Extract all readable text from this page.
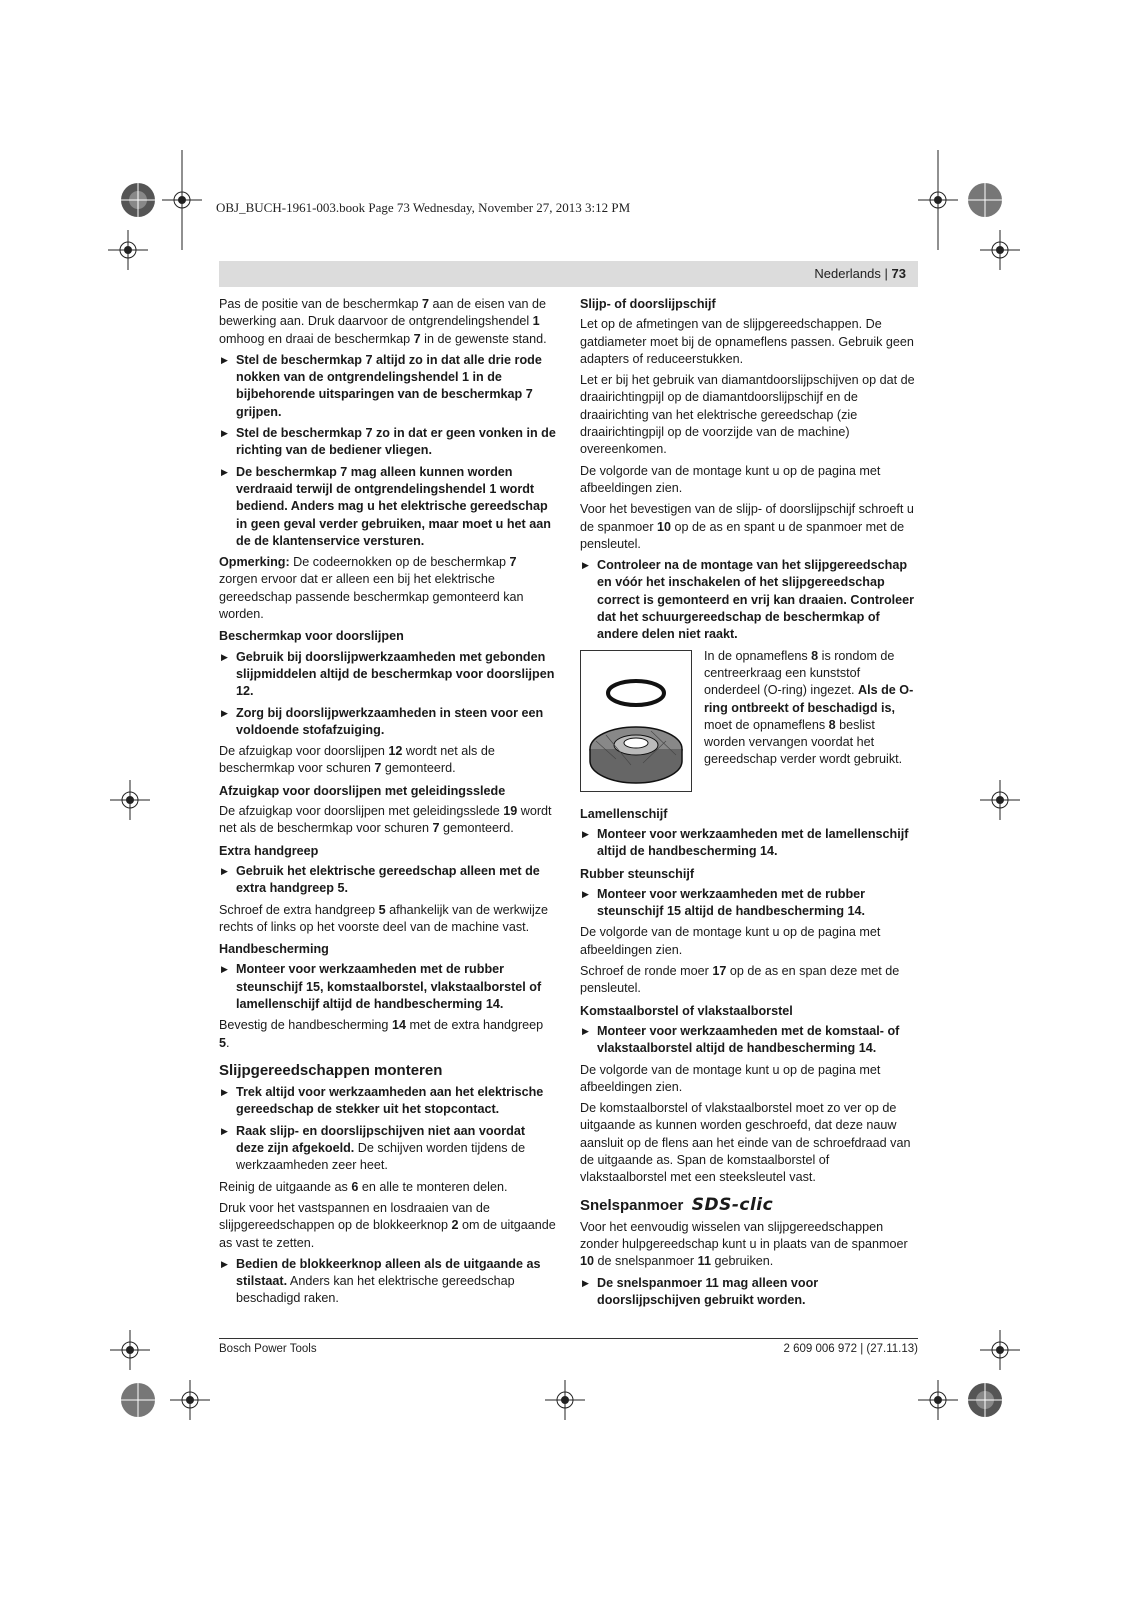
OBJ_BUCH-1961-003.book Page 73 Wednesday, November 27, 2013 3:12 PM
Nederlands | 73

Pas de positie van de beschermkap 7 aan de eisen van de bewerking aan. Druk daarvoor de ontgrendelingshendel 1 omhoog en draai de beschermkap 7 in de gewenste stand.

▶ Stel de beschermkap 7 altijd zo in dat alle drie rode nokken van de ontgrendelingshendel 1 in de bijbehorende uitsparingen van de beschermkap 7 grijpen.
▶ Stel de beschermkap 7 zo in dat er geen vonken in de richting van de bediener vliegen.
▶ De beschermkap 7 mag alleen kunnen worden verdraaid terwijl de ontgrendelingshendel 1 wordt bediend. Anders mag u het elektrische gereedschap in geen geval verder gebruiken, maar moet u het aan de de klantenservice versturen.

Opmerking: De codeernokken op de beschermkap 7 zorgen ervoor dat er alleen een bij het elektrische gereedschap passende beschermkap gemonteerd kan worden.

Beschermkap voor doorslijpen
▶ Gebruik bij doorslijpwerkzaamheden met gebonden slijpmiddelen altijd de beschermkap voor doorslijpen 12.
▶ Zorg bij doorslijpwerkzaamheden in steen voor een voldoende stofafzuiging.

De afzuigkap voor doorslijpen 12 wordt net als de beschermkap voor schuren 7 gemonteerd.

Afzuigkap voor doorslijpen met geleidingsslede

De afzuigkap voor doorslijpen met geleidingsslede 19 wordt net als de beschermkap voor schuren 7 gemonteerd.

Extra handgreep
▶ Gebruik het elektrische gereedschap alleen met de extra handgreep 5.

Schroef de extra handgreep 5 afhankelijk van de werkwijze rechts of links op het voorste deel van de machine vast.

Handbescherming
▶ Monteer voor werkzaamheden met de rubber steunschijf 15, komstaalborstel, vlakstaalborstel of lamellenschijf altijd de handbescherming 14.

Bevestig de handbescherming 14 met de extra handgreep 5.

Slijpgereedschappen monteren
▶ Trek altijd voor werkzaamheden aan het elektrische gereedschap de stekker uit het stopcontact.
▶ Raak slijp- en doorslijpschijven niet aan voordat deze zijn afgekoeld. De schijven worden tijdens de werkzaamheden zeer heet.

Reinig de uitgaande as 6 en alle te monteren delen.

Druk voor het vastspannen en losdraaien van de slijpgereedschappen op de blokkeerknop 2 om de uitgaande as vast te zetten.

▶ Bedien de blokkeerknop alleen als de uitgaande as stilstaat. Anders kan het elektrische gereedschap beschadigd raken.
Slijp- of doorslijpschijf

Let op de afmetingen van de slijpgereedschappen. De gatdiameter moet bij de opnameflens passen. Gebruik geen adapters of reduceerstukken.

Let er bij het gebruik van diamantdoorslijpschijven op dat de draairichtingpijl op de diamantdoorslijpschijf en de draairichting van het elektrische gereedschap (zie draairichtingpijl op de voorzijde van de machine) overeenkomen.

De volgorde van de montage kunt u op de pagina met afbeeldingen zien.

Voor het bevestigen van de slijp- of doorslijpschijf schroeft u de spanmoer 10 op de as en spant u de spanmoer met de pensleutel.

▶ Controleer na de montage van het slijpgereedschap en vóór het inschakelen of het slijpgereedschap correct is gemonteerd en vrij kan draaien. Controleer dat het schuurgereedschap de beschermkap of andere delen niet raakt.
In de opnameflens 8 is rondom de centreerkraag een kunststof onderdeel (O-ring) ingezet. Als de O-ring ontbreekt of beschadigd is, moet de opnameflens 8 beslist worden vervangen voordat het gereedschap verder wordt gebruikt.
Lamellenschijf
▶ Monteer voor werkzaamheden met de lamellenschijf altijd de handbescherming 14.
Rubber steunschijf
▶ Monteer voor werkzaamheden met de rubber steunschijf 15 altijd de handbescherming 14.

De volgorde van de montage kunt u op de pagina met afbeeldingen zien.

Schroef de ronde moer 17 op de as en span deze met de pensleutel.

Komstaalborstel of vlakstaalborstel
▶ Monteer voor werkzaamheden met de komstaal- of vlakstaalborstel altijd de handbescherming 14.

De volgorde van de montage kunt u op de pagina met afbeeldingen zien.

De komstaalborstel of vlakstaalborstel moet zo ver op de uitgaande as kunnen worden geschroefd, dat deze nauw aansluit op de flens aan het einde van de schroefdraad van de uitgaande as. Span de komstaalborstel of vlakstaalborstel met een steeksleutel vast.

Snelspanmoer SDS-clic

Voor het eenvoudig wisselen van slijpgereedschappen zonder hulpgereedschap kunt u in plaats van de spanmoer 10 de snelspanmoer 11 gebruiken.

▶ De snelspanmoer 11 mag alleen voor doorslijpschijven gebruikt worden.
Bosch Power Tools	2 609 006 972 | (27.11.13)
